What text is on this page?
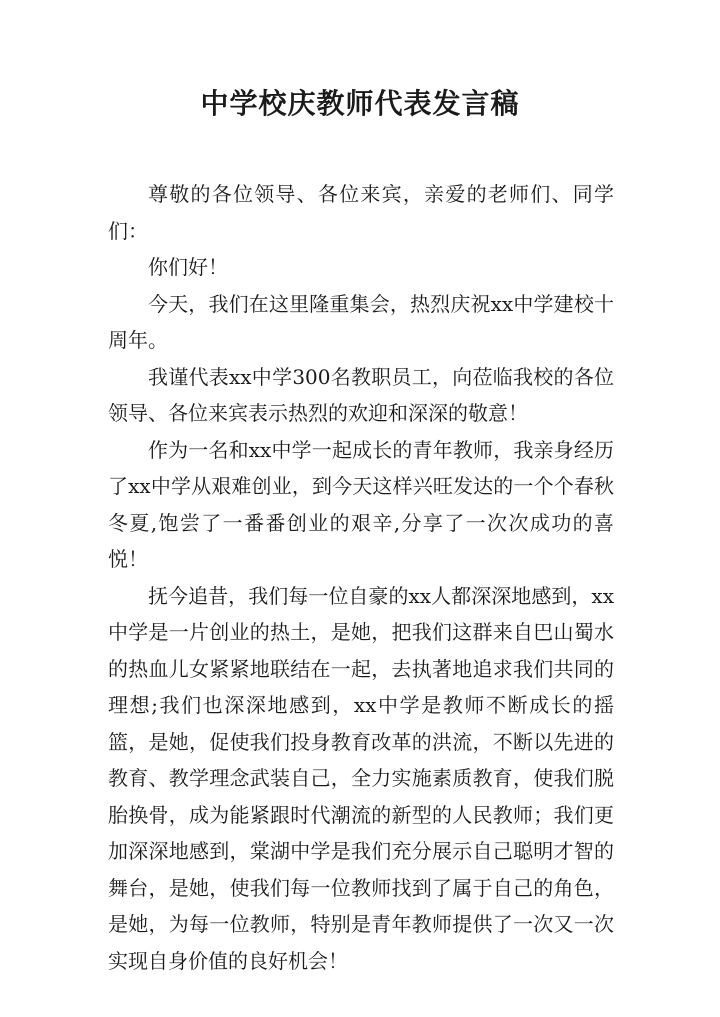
中学校庆教师代表发言稿

尊敬的各位领导、各位来宾，亲爱的老师们、同学们：

你们好！

今天，我们在这里隆重集会，热烈庆祝xx中学建校十周年。

我谨代表xx中学300名教职员工，向莅临我校的各位领导、各位来宾表示热烈的欢迎和深深的敬意！

作为一名和xx中学一起成长的青年教师，我亲身经历了xx中学从艰难创业，到今天这样兴旺发达的一个个春秋冬夏,饱尝了一番番创业的艰辛,分享了一次次成功的喜悦！

抚今追昔，我们每一位自豪的xx人都深深地感到，xx中学是一片创业的热土，是她，把我们这群来自巴山蜀水的热血儿女紧紧地联结在一起，去执著地追求我们共同的理想;我们也深深地感到，xx中学是教师不断成长的摇篮，是她，促使我们投身教育改革的洪流，不断以先进的教育、教学理念武装自己，全力实施素质教育，使我们脱胎换骨，成为能紧跟时代潮流的新型的人民教师；我们更加深深地感到，棠湖中学是我们充分展示自己聪明才智的舞台，是她，使我们每一位教师找到了属于自己的角色，是她，为每一位教师，特别是青年教师提供了一次又一次实现自身价值的良好机会！
